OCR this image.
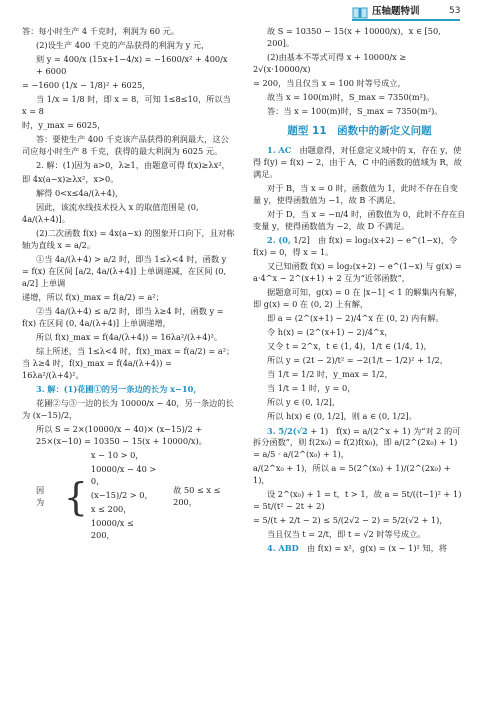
压轴题特训	53

答：每小时生产 4 千克时，利润为 60 元。

(2)设生产 400 千克的产品获得的利润为 y 元，

则 y = 400/x (15x+1−4/x) = −1600/x² + 400/x + 6000

= −1600 (1/x − 1/8)² + 6025，

当 1/x = 1/8 时，即 x = 8，可知 1≤8≤10，所以当 x = 8

时，y_max = 6025，

答：要使生产 400 千克该产品获得的利润最大，这公司应每小时生产 8 千克，获得的最大利润为 6025 元。

2. 解：(1)因为 a>0，λ≥1，由题意可得 f(x)≥λx²，

即 4x(a−x)≥λx²，x>0。

解得 0<x≤4a/(λ+4)，

因此，该流水线技术投入 x 的取值范围是 (0, 4a/(λ+4)]。

(2)二次函数 f(x) = 4x(a−x) 的图象开口向下，且对称轴为直线 x = a/2。

①当 4a/(λ+4) > a/2 时，即当 1≤λ<4 时，函数 y = f(x) 在区间 [a/2, 4a/(λ+4)] 上单调递减，在区间 (0, a/2] 上单调

递增，所以 f(x)_max = f(a/2) = a²；

②当 4a/(λ+4) ≤ a/2 时，即当 λ≥4 时，函数 y = f(x) 在区间 (0, 4a/(λ+4)] 上单调递增，

所以 f(x)_max = f(4a/(λ+4)) = 16λa²/(λ+4)²。

综上所述，当 1≤λ<4 时，f(x)_max = f(a/2) = a²；当 λ≥4 时，f(x)_max = f(4a/(λ+4)) = 16λa²/(λ+4)²。

3. 解：(1)花圃①的另一条边的长为 x−10，

花圃②与③一边的长为 10000/x − 40，另一条边的长为 (x−15)/2，

所以 S = 2×(10000/x − 40)× (x−15)/2 + 25×(x−10) = 10350 − 15(x + 10000/x)。

因为 {
x − 10 > 0，
10000/x − 40 > 0，
(x−15)/2 > 0，
x ≤ 200，
10000/x ≤ 200，
故 50 ≤ x ≤ 200，

故 S = 10350 − 15(x + 10000/x)，x ∈ [50, 200]。

(2)由基本不等式可得 x + 10000/x ≥ 2√(x·10000/x)

= 200，当且仅当 x = 100 时等号成立，

故当 x = 100(m)时，S_max = 7350(m²)。

答：当 x = 100(m)时，S_max = 7350(m²)。

题型 11　函数中的新定义问题

1. AC　由题意得，对任意定义域中的 x，存在 y，使得 f(y) = f(x) − 2，由于 A，C 中的函数的值域为 R，故满足。

对于 B，当 x = 0 时，函数值为 1，此时不存在自变量 y，使得函数值为 −1，故 B 不满足。

对于 D，当 x = −π/4 时，函数值为 0，此时不存在自变量 y，使得函数值为 −2，故 D 不满足。

2. (0, 1/2]　由 f(x) = log₂(x+2) − e^(1−x)，令 f(x) = 0，得 x = 1。

又已知函数 f(x) = log₂(x+2) − e^(1−x) 与 g(x) = a·4^x − 2^(x+1) + 2 互为“近邻函数”，

据题意可知，g(x) = 0 在 |x−1| < 1 的解集内有解，即 g(x) = 0 在 (0, 2) 上有解，

即 a = (2^(x+1) − 2)/4^x 在 (0, 2) 内有解。

令 h(x) = (2^(x+1) − 2)/4^x，

又令 t = 2^x，t ∈ (1, 4)，1/t ∈ (1/4, 1)，

所以 y = (2t − 2)/t² = −2(1/t − 1/2)² + 1/2，

当 1/t = 1/2 时，y_max = 1/2，

当 1/t = 1 时，y = 0，

所以 y ∈ (0, 1/2]，

所以 h(x) ∈ (0, 1/2]，则 a ∈ (0, 1/2]。

3. 5/2(√2 + 1)　f(x) = a/(2^x + 1) 为“对 2 的可拆分函数”，则 f(2x₀) = f(2)f(x₀)，即 a/(2^(2x₀) + 1) = a/5 · a/(2^(x₀) + 1)，

a/(2^x₀ + 1)，所以 a = 5(2^(x₀) + 1)/(2^(2x₀) + 1)，

设 2^(x₀) + 1 = t，t > 1，故 a = 5t/((t−1)² + 1) = 5t/(t² − 2t + 2)

= 5/(t + 2/t − 2) ≤ 5/(2√2 − 2) = 5/2(√2 + 1)，

当且仅当 t = 2/t，即 t = √2 时等号成立。

4. ABD　由 f(x) = x²，g(x) = (x − 1)² 知，将
